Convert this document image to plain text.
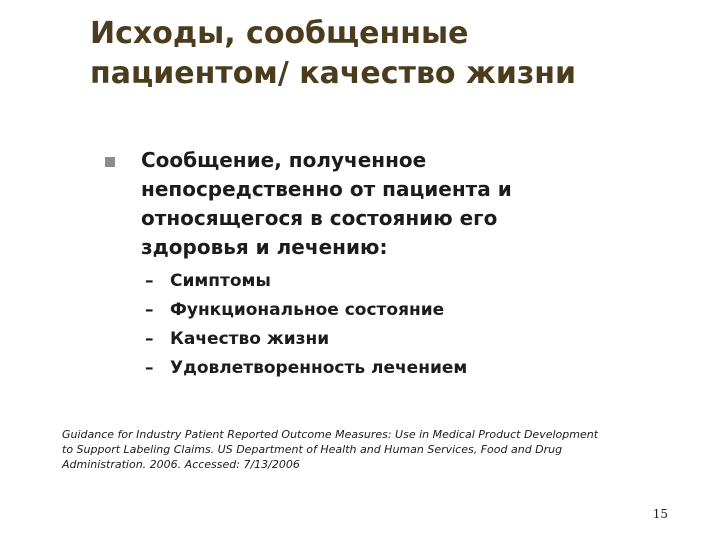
Исходы, сообщенные
пациентом/ качество жизни
Сообщение, полученное
непосредственно от пациента и
относящегося в состоянию его
здоровья и лечению:
– Симптомы
– Функциональное состояние
– Качество жизни
– Удовлетворенность лечением
Guidance for Industry Patient Reported Outcome Measures: Use in Medical Product Development
to Support Labeling Claims. US Department of Health and Human Services, Food and Drug
Administration. 2006. Accessed: 7/13/2006
15
